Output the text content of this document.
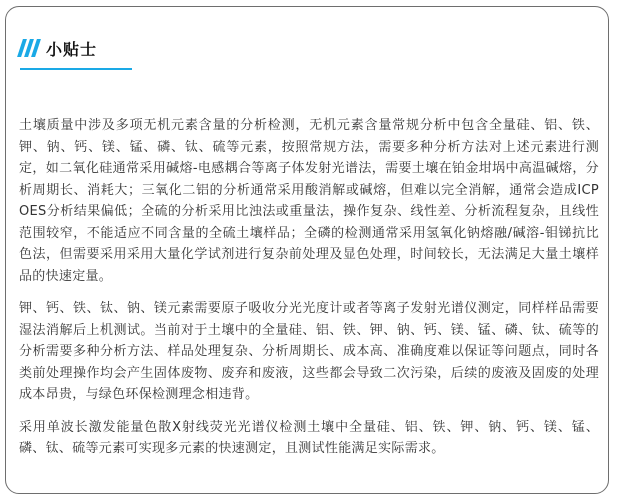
小贴士

土壤质量中涉及多项无机元素含量的分析检测，无机元素含量常规分析中包含全量硅、铝、铁、钾、钠、钙、镁、锰、磷、钛、硫等元素，按照常规方法，需要多种分析方法对上述元素进行测定，如二氧化硅通常采用碱熔-电感耦合等离子体发射光谱法，需要土壤在铂金坩埚中高温碱熔，分析周期长、消耗大；三氧化二铝的分析通常采用酸消解或碱熔，但难以完全消解，通常会造成ICP OES分析结果偏低；全硫的分析采用比浊法或重量法，操作复杂、线性差、分析流程复杂，且线性范围较窄，不能适应不同含量的全硫土壤样品；全磷的检测通常采用氢氧化钠熔融/碱溶-钼锑抗比色法，但需要采用采用大量化学试剂进行复杂前处理及显色处理，时间较长，无法满足大量土壤样品的快速定量。

钾、钙、铁、钛、钠、镁元素需要原子吸收分光光度计或者等离子发射光谱仪测定，同样样品需要湿法消解后上机测试。当前对于土壤中的全量硅、铝、铁、钾、钠、钙、镁、锰、磷、钛、硫等的分析需要多种分析方法、样品处理复杂、分析周期长、成本高、准确度难以保证等问题点，同时各类前处理操作均会产生固体废物、废弃和废液，这些都会导致二次污染，后续的废液及固废的处理成本昂贵，与绿色环保检测理念相违背。

采用单波长激发能量色散X射线荧光光谱仪检测土壤中全量硅、铝、铁、钾、钠、钙、镁、锰、磷、钛、硫等元素可实现多元素的快速测定，且测试性能满足实际需求。
